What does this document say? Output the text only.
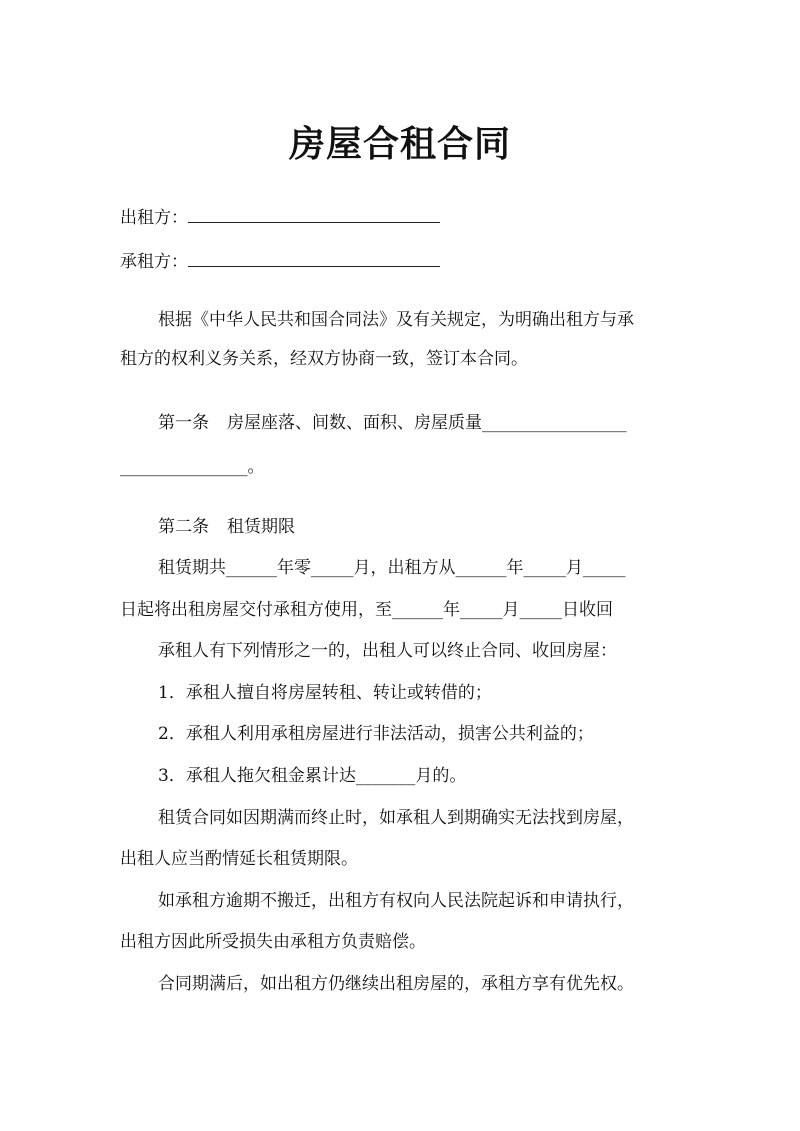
房屋合租合同
出租方：
承租方：
根据《中华人民共和国合同法》及有关规定，为明确出租方与承
租方的权利义务关系，经双方协商一致，签订本合同。
第一条 房屋座落、间数、面积、房屋质量_________________
_______________。
第二条 租赁期限
租赁期共______年零_____月，出租方从______年_____月_____
日起将出租房屋交付承租方使用，至______年_____月_____日收回
承租人有下列情形之一的，出租人可以终止合同、收回房屋：
1．承租人擅自将房屋转租、转让或转借的；
2．承租人利用承租房屋进行非法活动，损害公共利益的；
3．承租人拖欠租金累计达_______月的。
租赁合同如因期满而终止时，如承租人到期确实无法找到房屋，
出租人应当酌情延长租赁期限。
如承租方逾期不搬迁，出租方有权向人民法院起诉和申请执行，
出租方因此所受损失由承租方负责赔偿。
合同期满后，如出租方仍继续出租房屋的，承租方享有优先权。
